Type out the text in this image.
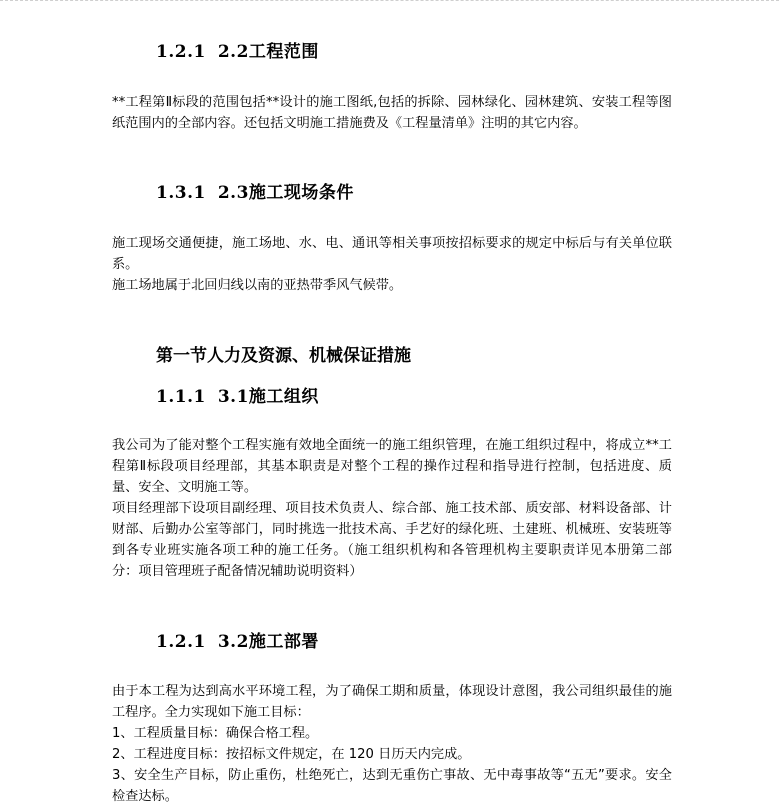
1.2.1 2.2工程范围

**工程第Ⅱ标段的范围包括**设计的施工图纸,包括的拆除、园林绿化、园林建筑、安装工程等图纸范围内的全部内容。还包括文明施工措施费及《工程量清单》注明的其它内容。

1.3.1 2.3施工现场条件

施工现场交通便捷，施工场地、水、电、通讯等相关事项按招标要求的规定中标后与有关单位联系。

施工场地属于北回归线以南的亚热带季风气候带。

第一节人力及资源、机械保证措施
1.1.1 3.1施工组织

我公司为了能对整个工程实施有效地全面统一的施工组织管理，在施工组织过程中，将成立**工程第Ⅱ标段项目经理部，其基本职责是对整个工程的操作过程和指导进行控制，包括进度、质量、安全、文明施工等。

项目经理部下设项目副经理、项目技术负责人、综合部、施工技术部、质安部、材料设备部、计财部、后勤办公室等部门，同时挑选一批技术高、手艺好的绿化班、土建班、机械班、安装班等到各专业班实施各项工种的施工任务。（施工组织机构和各管理机构主要职责详见本册第二部分：项目管理班子配备情况辅助说明资料）

1.2.1 3.2施工部署

由于本工程为达到高水平环境工程，为了确保工期和质量，体现设计意图，我公司组织最佳的施工程序。全力实现如下施工目标：

1、工程质量目标：确保合格工程。

2、工程进度目标：按招标文件规定，在 120 日历天内完成。

3、安全生产目标，防止重伤，杜绝死亡，达到无重伤亡事故、无中毒事故等“五无”要求。安全检查达标。
